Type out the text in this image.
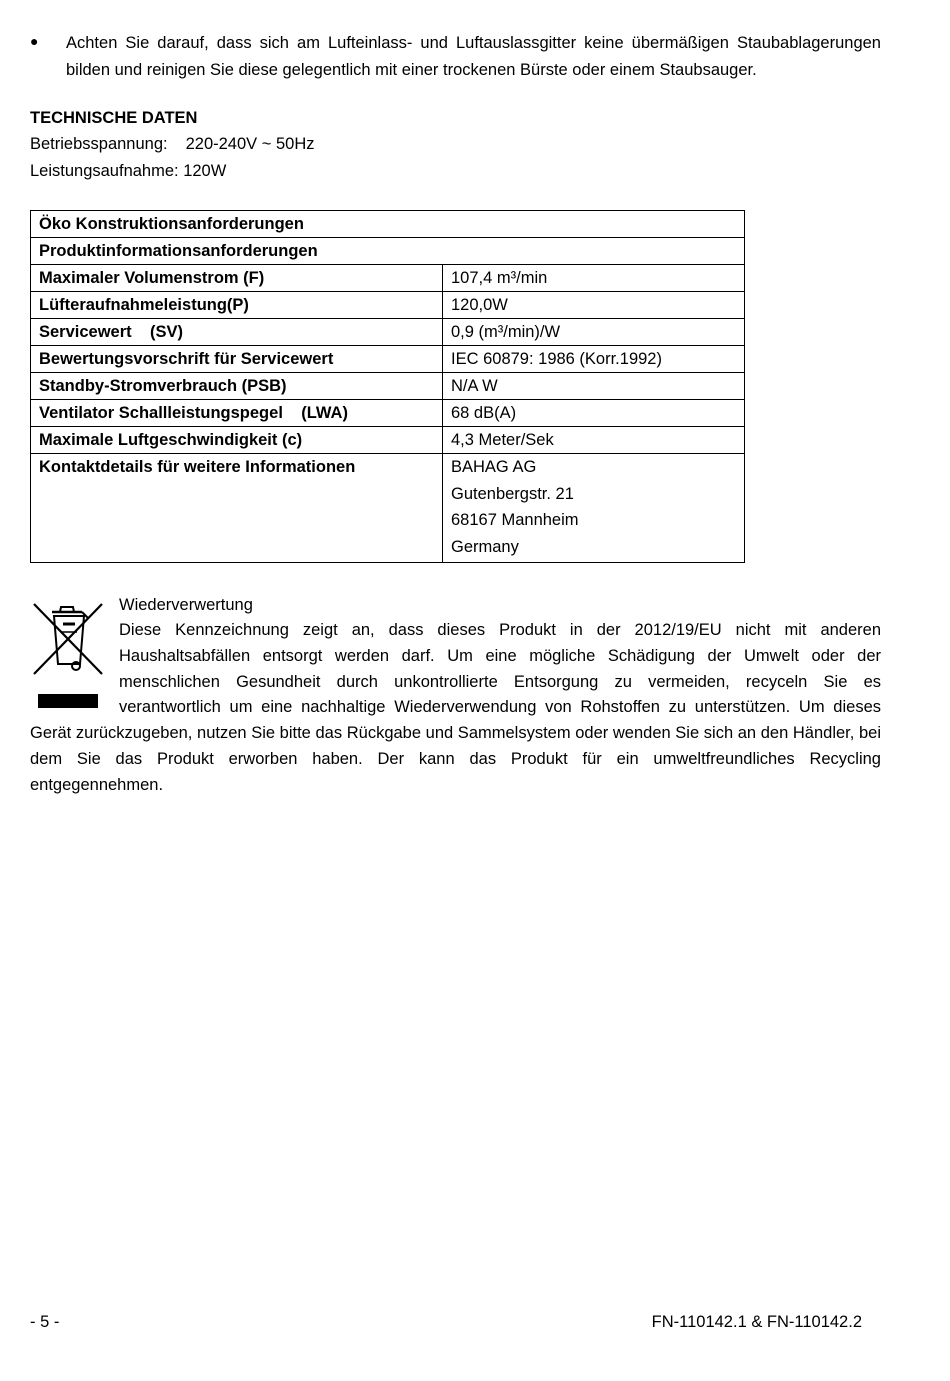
● Achten Sie darauf, dass sich am Lufteinlass- und Luftauslassgitter keine übermäßigen Staubablagerungen bilden und reinigen Sie diese gelegentlich mit einer trockenen Bürste oder einem Staubsauger.
TECHNISCHE DATEN
Betriebsspannung: 220-240V ~ 50Hz
Leistungsaufnahme: 120W
Öko Konstruktionsanforderungen	
Produktinformationsanforderungen	
Maximaler Volumenstrom (F)	107,4 m³/min
Lüfteraufnahmeleistung(P)	120,0W
Servicewert    (SV)	0,9 (m³/min)/W
Bewertungsvorschrift für Servicewert	IEC 60879: 1986 (Korr.1992)
Standby-Stromverbrauch (PSB)	N/A W
Ventilator Schallleistungspegel    (LWA)	68 dB(A)
Maximale Luftgeschwindigkeit (c)	4,3 Meter/Sek
Kontaktdetails für weitere Informationen	BAHAG AG
Gutenbergstr. 21
68167 Mannheim
Germany
Wiederverwertung
Diese Kennzeichnung zeigt an, dass dieses Produkt in der 2012/19/EU nicht mit anderen Haushaltsabfällen entsorgt werden darf. Um eine mögliche Schädigung der Umwelt oder der menschlichen Gesundheit durch unkontrollierte Entsorgung zu vermeiden, recyceln Sie es verantwortlich um eine nachhaltige Wiederverwendung von Rohstoffen zu unterstützen. Um dieses Gerät zurückzugeben, nutzen Sie bitte das Rückgabe und Sammelsystem oder wenden Sie sich an den Händler, bei dem Sie das Produkt erworben haben. Der kann das Produkt für ein umweltfreundliches Recycling entgegennehmen.
- 5 -	FN-110142.1 & FN-110142.2
